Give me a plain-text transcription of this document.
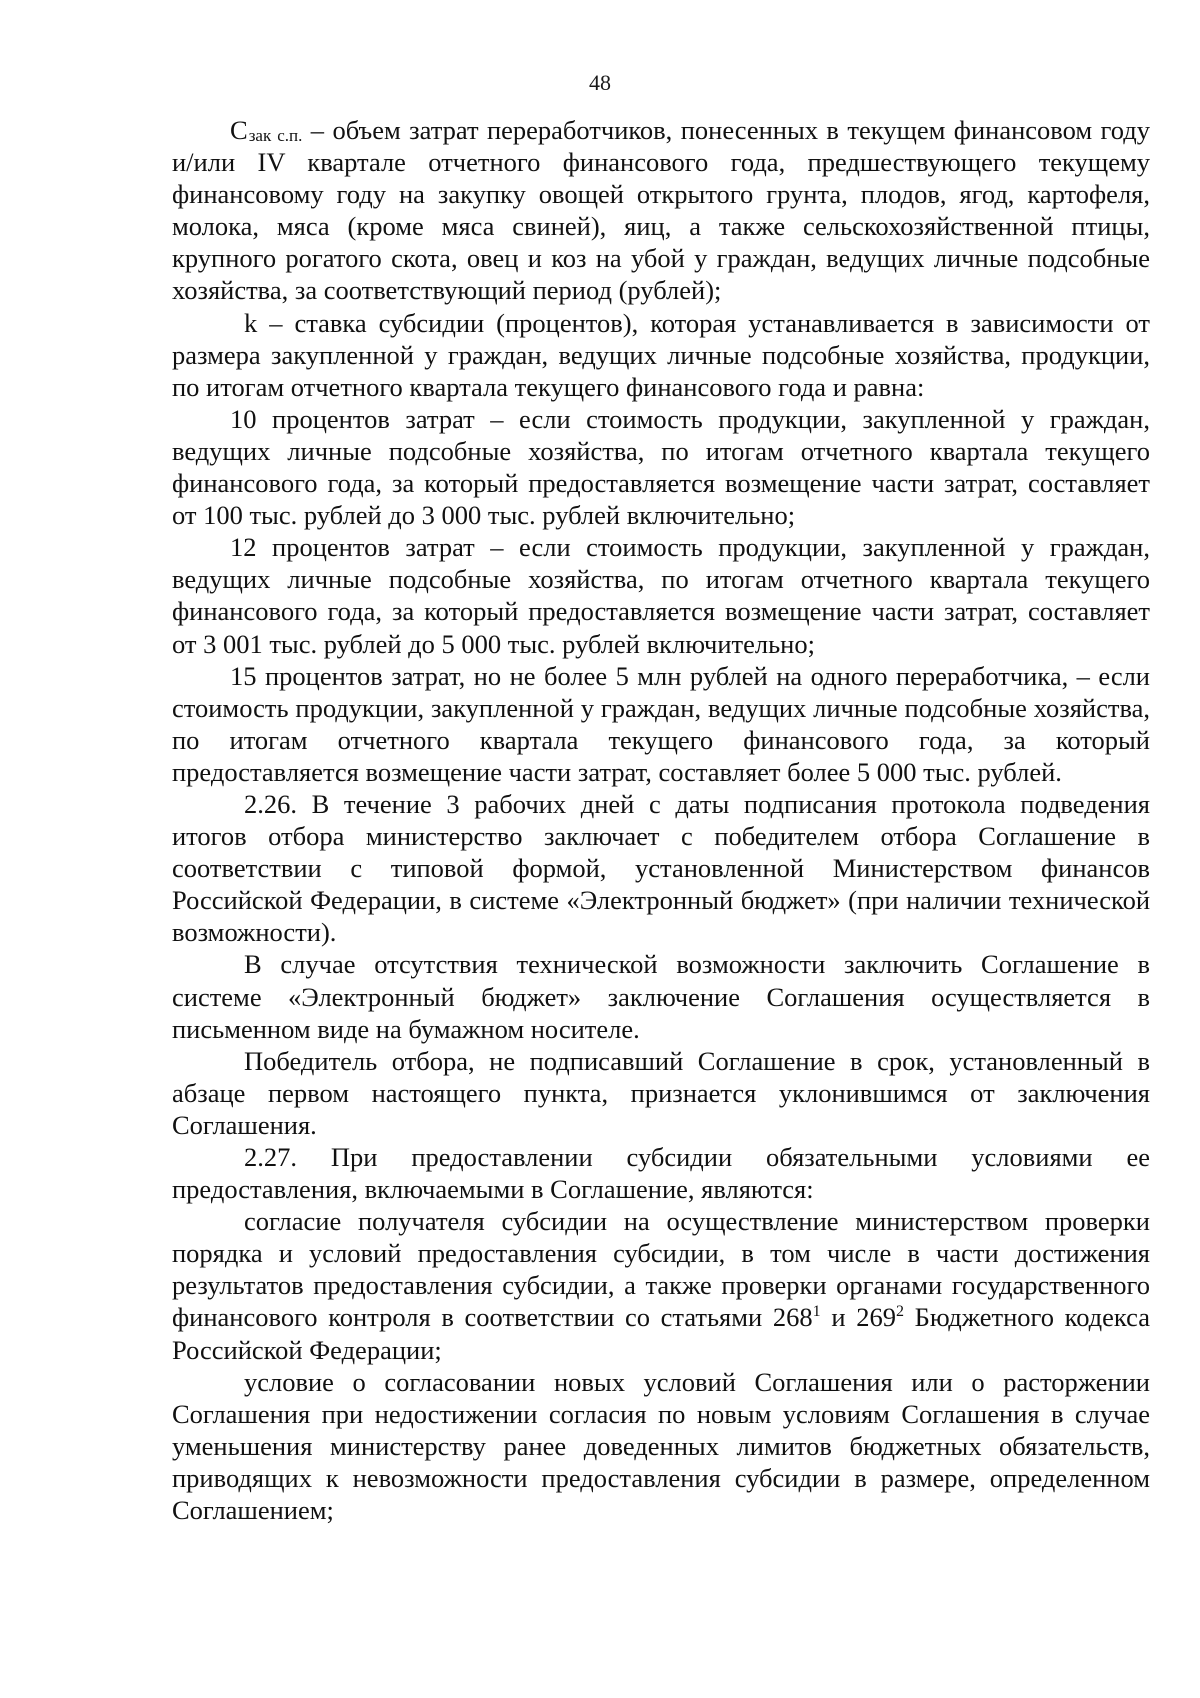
48

$C_{зак с.п.}$ – объем затрат переработчиков, понесенных в текущем финансовом году и/или IV квартале отчетного финансового года, предшествующего текущему финансовому году на закупку овощей открытого грунта, плодов, ягод, картофеля, молока, мяса (кроме мяса свиней), яиц, а также сельскохозяйственной птицы, крупного рогатого скота, овец и коз на убой у граждан, ведущих личные подсобные хозяйства, за соответствующий период (рублей);

k – ставка субсидии (процентов), которая устанавливается в зависимости от размера закупленной у граждан, ведущих личные подсобные хозяйства, продукции, по итогам отчетного квартала текущего финансового года и равна:

10 процентов затрат – если стоимость продукции, закупленной у граждан, ведущих личные подсобные хозяйства, по итогам отчетного квартала текущего финансового года, за который предоставляется возмещение части затрат, составляет от 100 тыс. рублей до 3 000 тыс. рублей включительно;

12 процентов затрат – если стоимость продукции, закупленной у граждан, ведущих личные подсобные хозяйства, по итогам отчетного квартала текущего финансового года, за который предоставляется возмещение части затрат, составляет от 3 001 тыс. рублей до 5 000 тыс. рублей включительно;

15 процентов затрат, но не более 5 млн рублей на одного переработчика, – если стоимость продукции, закупленной у граждан, ведущих личные подсобные хозяйства, по итогам отчетного квартала текущего финансового года, за который предоставляется возмещение части затрат, составляет более 5 000 тыс. рублей.

2.26. В течение 3 рабочих дней с даты подписания протокола подведения итогов отбора министерство заключает с победителем отбора Соглашение в соответствии с типовой формой, установленной Министерством финансов Российской Федерации, в системе «Электронный бюджет» (при наличии технической возможности).

В случае отсутствия технической возможности заключить Соглашение в системе «Электронный бюджет» заключение Соглашения осуществляется в письменном виде на бумажном носителе.

Победитель отбора, не подписавший Соглашение в срок, установленный в абзаце первом настоящего пункта, признается уклонившимся от заключения Соглашения.

2.27. При предоставлении субсидии обязательными условиями ее предоставления, включаемыми в Соглашение, являются:

согласие получателя субсидии на осуществление министерством проверки порядка и условий предоставления субсидии, в том числе в части достижения результатов предоставления субсидии, а также проверки органами государственного финансового контроля в соответствии со статьями 268$^1$ и 269$^2$ Бюджетного кодекса Российской Федерации;

условие о согласовании новых условий Соглашения или о расторжении Соглашения при недостижении согласия по новым условиям Соглашения в случае уменьшения министерству ранее доведенных лимитов бюджетных обязательств, приводящих к невозможности предоставления субсидии в размере, определенном Соглашением;
